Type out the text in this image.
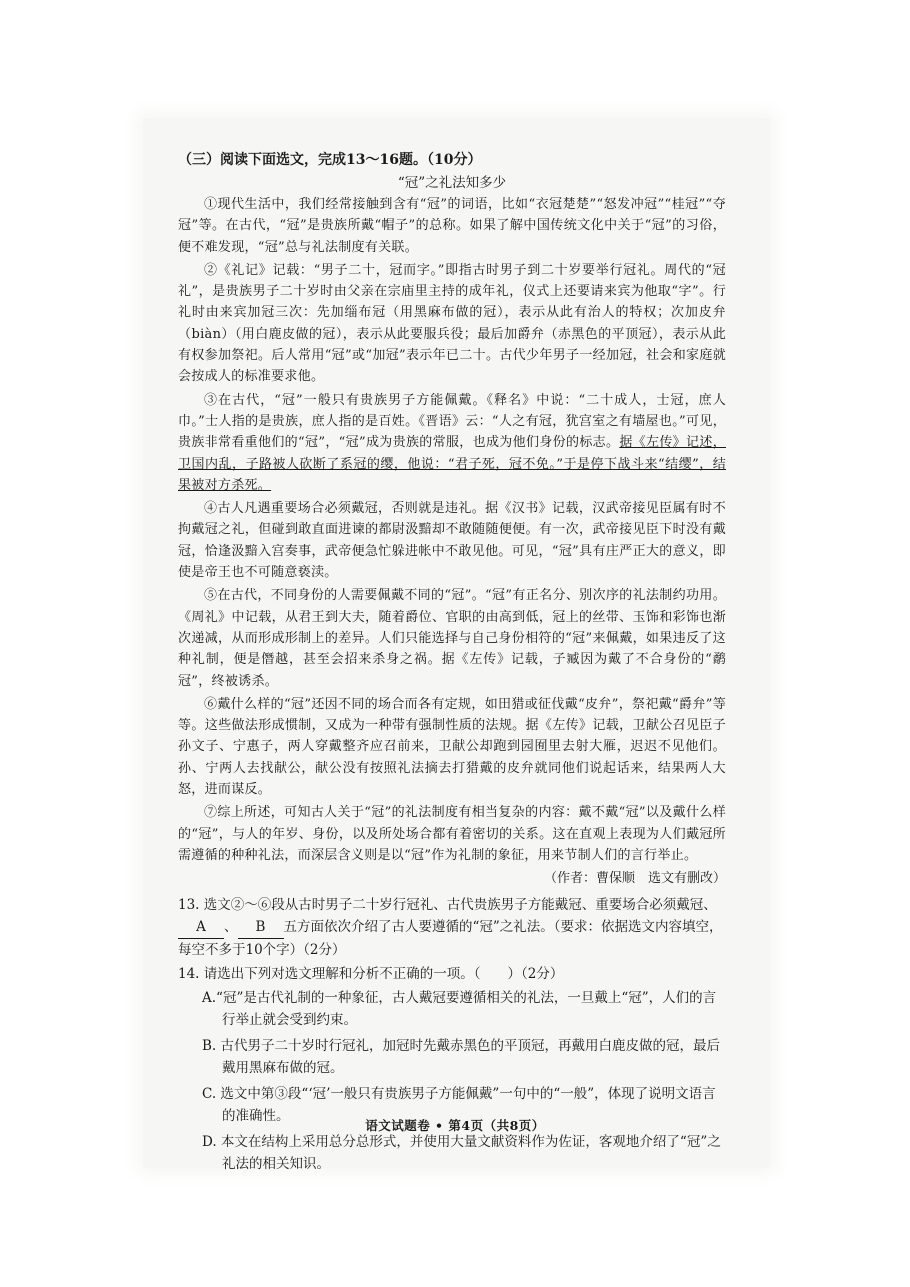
（三）阅读下面选文，完成13～16题。（10分）

“冠”之礼法知多少

①现代生活中，我们经常接触到含有“冠”的词语，比如“衣冠楚楚”“怒发冲冠”“桂冠”“夺冠”等。在古代，“冠”是贵族所戴“帽子”的总称。如果了解中国传统文化中关于“冠”的习俗，便不难发现，“冠”总与礼法制度有关联。

②《礼记》记载：“男子二十，冠而字。”即指古时男子到二十岁要举行冠礼。周代的“冠礼”，是贵族男子二十岁时由父亲在宗庙里主持的成年礼，仪式上还要请来宾为他取“字”。行礼时由来宾加冠三次：先加缁布冠（用黑麻布做的冠），表示从此有治人的特权；次加皮弁（biàn）（用白鹿皮做的冠），表示从此要服兵役；最后加爵弁（赤黑色的平顶冠），表示从此有权参加祭祀。后人常用“冠”或“加冠”表示年已二十。古代少年男子一经加冠，社会和家庭就会按成人的标准要求他。

③在古代，“冠”一般只有贵族男子方能佩戴。《释名》中说：“二十成人，士冠，庶人巾。”士人指的是贵族，庶人指的是百姓。《晋语》云：“人之有冠，犹宫室之有墙屋也。”可见，贵族非常看重他们的“冠”，“冠”成为贵族的常服，也成为他们身份的标志。据《左传》记述，卫国内乱，子路被人砍断了系冠的缨，他说：“君子死，冠不免。”于是停下战斗来“结缨”，结果被对方杀死。

④古人凡遇重要场合必须戴冠，否则就是违礼。据《汉书》记载，汉武帝接见臣属有时不拘戴冠之礼，但碰到敢直面进谏的都尉汲黯却不敢随随便便。有一次，武帝接见臣下时没有戴冠，恰逢汲黯入宫奏事，武帝便急忙躲进帐中不敢见他。可见，“冠”具有庄严正大的意义，即使是帝王也不可随意亵渎。

⑤在古代，不同身份的人需要佩戴不同的“冠”。“冠”有正名分、别次序的礼法制约功用。《周礼》中记载，从君王到大夫，随着爵位、官职的由高到低，冠上的丝带、玉饰和彩饰也渐次递减，从而形成形制上的差异。人们只能选择与自己身份相符的“冠”来佩戴，如果违反了这种礼制，便是僭越，甚至会招来杀身之祸。据《左传》记载，子臧因为戴了不合身份的“鹬冠”，终被诱杀。

⑥戴什么样的“冠”还因不同的场合而各有定规，如田猎或征伐戴“皮弁”，祭祀戴“爵弁”等等。这些做法形成惯制，又成为一种带有强制性质的法规。据《左传》记载，卫献公召见臣子孙文子、宁惠子，两人穿戴整齐应召前来，卫献公却跑到园囿里去射大雁，迟迟不见他们。孙、宁两人去找献公，献公没有按照礼法摘去打猎戴的皮弁就同他们说起话来，结果两人大怒，进而谋反。

⑦综上所述，可知古人关于“冠”的礼法制度有相当复杂的内容：戴不戴“冠”以及戴什么样的“冠”，与人的年岁、身份，以及所处场合都有着密切的关系。这在直观上表现为人们戴冠所需遵循的种种礼法，而深层含义则是以“冠”作为礼制的象征，用来节制人们的言行举止。

（作者：曹保顺　选文有删改）

13. 选文②～⑥段从古时男子二十岁行冠礼、古代贵族男子方能戴冠、重要场合必须戴冠、A 、 B 五方面依次介绍了古人要遵循的“冠”之礼法。（要求：依据选文内容填空，每空不多于10个字）（2分）

14. 请选出下列对选文理解和分析不正确的一项。（　　）（2分）

A.“冠”是古代礼制的一种象征，古人戴冠要遵循相关的礼法，一旦戴上“冠”，人们的言行举止就会受到约束。

B. 古代男子二十岁时行冠礼，加冠时先戴赤黑色的平顶冠，再戴用白鹿皮做的冠，最后戴用黑麻布做的冠。

C. 选文中第③段“‘冠’一般只有贵族男子方能佩戴”一句中的“一般”，体现了说明文语言的准确性。

D. 本文在结构上采用总分总形式，并使用大量文献资料作为佐证，客观地介绍了“冠”之礼法的相关知识。

语文试题卷 • 第4页（共8页）
